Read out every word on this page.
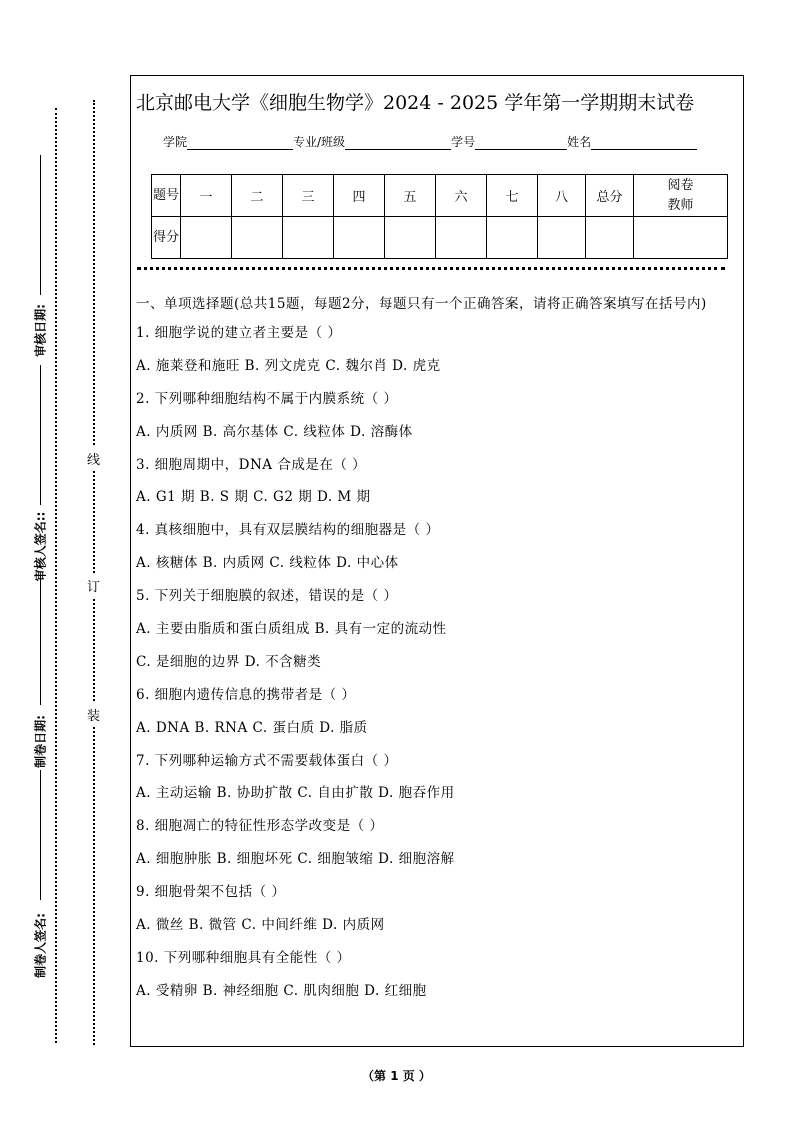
审核日期:
审核人签名::
制卷日期:
制卷人签名:
线
订
装
北京邮电大学《细胞生物学》2024 - 2025 学年第一学期期末试卷
学院	专业/班级	学号	姓名
题号	一	二	三	四	五	六	七	八	总分	阅卷教师
得分										
一、单项选择题(总共15题，每题2分，每题只有一个正确答案，请将正确答案填写在括号内)
1. 细胞学说的建立者主要是（ ）
A. 施莱登和施旺 B. 列文虎克 C. 魏尔肖 D. 虎克
2. 下列哪种细胞结构不属于内膜系统（ ）
A. 内质网 B. 高尔基体 C. 线粒体 D. 溶酶体
3. 细胞周期中，DNA 合成是在（ ）
A. G1 期 B. S 期 C. G2 期 D. M 期
4. 真核细胞中，具有双层膜结构的细胞器是（ ）
A. 核糖体 B. 内质网 C. 线粒体 D. 中心体
5. 下列关于细胞膜的叙述，错误的是（ ）
A. 主要由脂质和蛋白质组成 B. 具有一定的流动性
C. 是细胞的边界 D. 不含糖类
6. 细胞内遗传信息的携带者是（ ）
A. DNA B. RNA C. 蛋白质 D. 脂质
7. 下列哪种运输方式不需要载体蛋白（ ）
A. 主动运输 B. 协助扩散 C. 自由扩散 D. 胞吞作用
8. 细胞凋亡的特征性形态学改变是（ ）
A. 细胞肿胀 B. 细胞坏死 C. 细胞皱缩 D. 细胞溶解
9. 细胞骨架不包括（ ）
A. 微丝 B. 微管 C. 中间纤维 D. 内质网
10. 下列哪种细胞具有全能性（ ）
A. 受精卵 B. 神经细胞 C. 肌肉细胞 D. 红细胞
（第 1 页 ）
